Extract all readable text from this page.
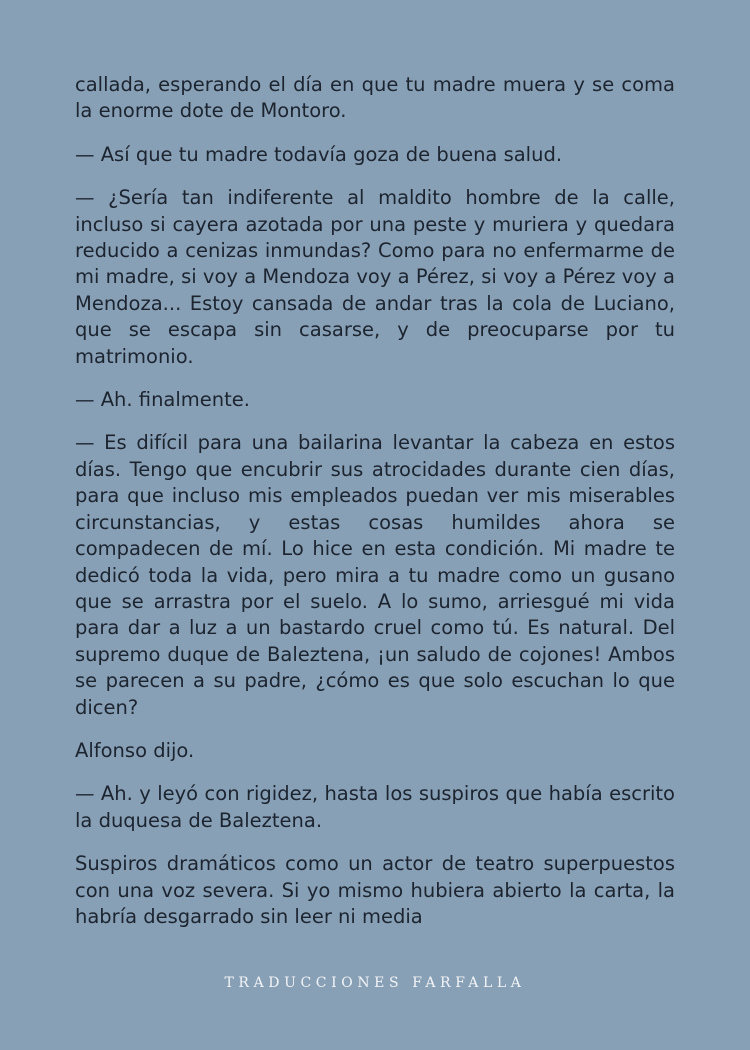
callada, esperando el día en que tu madre muera y se coma la enorme dote de Montoro.

— Así que tu madre todavía goza de buena salud.

— ¿Sería tan indiferente al maldito hombre de la calle, incluso si cayera azotada por una peste y muriera y quedara reducido a cenizas inmundas? Como para no enfermarme de mi madre, si voy a Mendoza voy a Pérez, si voy a Pérez voy a Mendoza... Estoy cansada de andar tras la cola de Luciano, que se escapa sin casarse, y de preocuparse por tu matrimonio.

— Ah. finalmente.

— Es difícil para una bailarina levantar la cabeza en estos días. Tengo que encubrir sus atrocidades durante cien días, para que incluso mis empleados puedan ver mis miserables circunstancias, y estas cosas humildes ahora se compadecen de mí. Lo hice en esta condición. Mi madre te dedicó toda la vida, pero mira a tu madre como un gusano que se arrastra por el suelo. A lo sumo, arriesgué mi vida para dar a luz a un bastardo cruel como tú. Es natural. Del supremo duque de Baleztena, ¡un saludo de cojones! Ambos se parecen a su padre, ¿cómo es que solo escuchan lo que dicen?

Alfonso dijo.

— Ah. y leyó con rigidez, hasta los suspiros que había escrito la duquesa de Baleztena.

Suspiros dramáticos como un actor de teatro superpuestos con una voz severa. Si yo mismo hubiera abierto la carta, la habría desgarrado sin leer ni media

TRADUCCIONES FARFALLA
